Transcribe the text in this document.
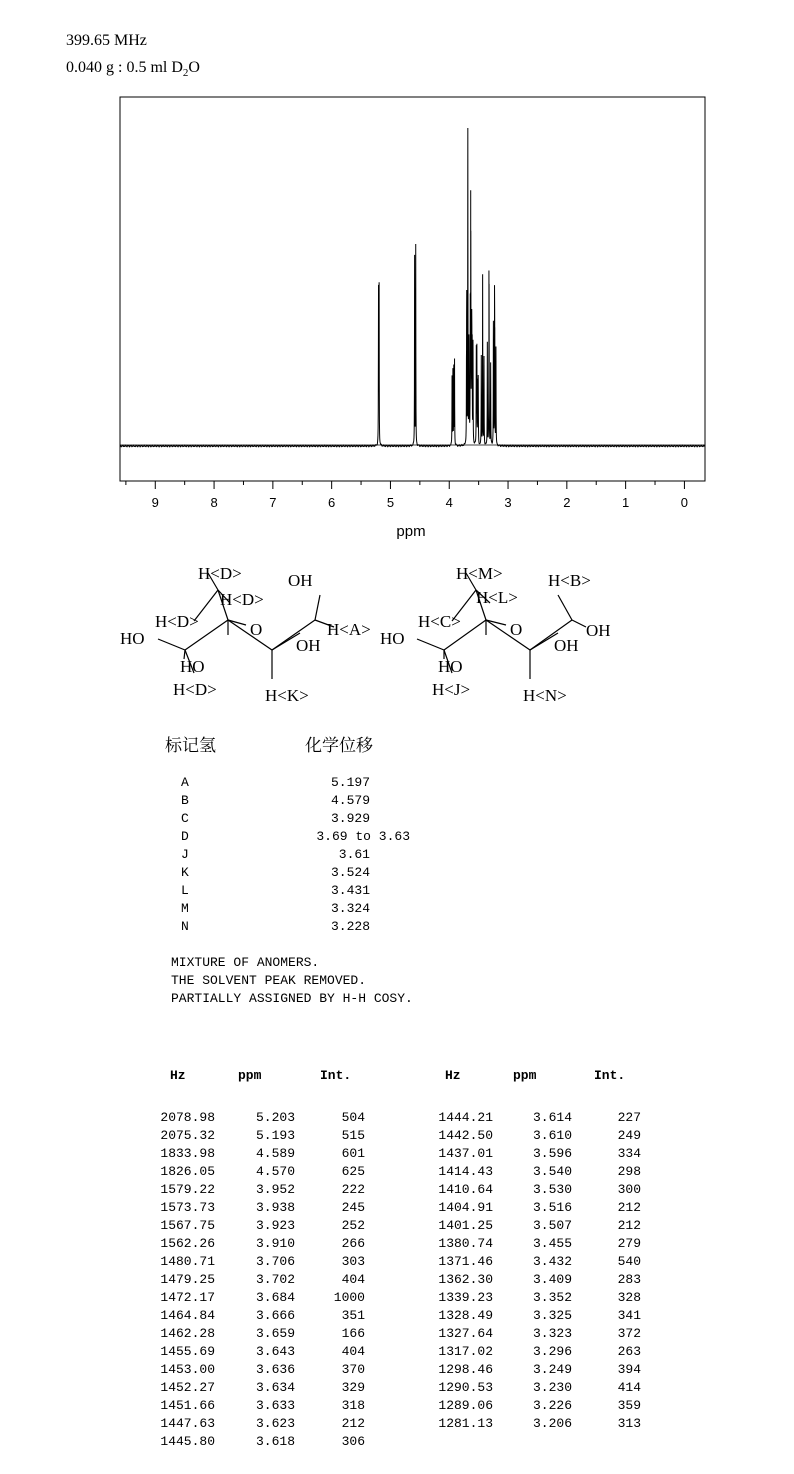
399.65 MHz
0.040 g : 0.5 ml $D_2O$
9	8	7	6	5	4	3	2	1	0
ppm
H<D>
H<D>
H<D>
OH
H<A>
HO	O
OH
HO
H<D>	H<K>
H<M>
H<L>
H<B>
H<C>	O	OH
HO	OH
HO
H<J>	H<N>
标记氢	化学位移
A	5.197
B	4.579
C	3.929
D	3.69 to 3.63
J	3.61
K	3.524
L	3.431
M	3.324
N	3.228
MIXTURE OF ANOMERS.
THE SOLVENT PEAK REMOVED.
PARTIALLY ASSIGNED BY H-H COSY.
Hz	ppm	Int.	Hz	ppm	Int.
2078.98	5.203	504
2075.32	5.193	515
1833.98	4.589	601
1826.05	4.570	625
1579.22	3.952	222
1573.73	3.938	245
1567.75	3.923	252
1562.26	3.910	266
1480.71	3.706	303
1479.25	3.702	404
1472.17	3.684	1000
1464.84	3.666	351
1462.28	3.659	166
1455.69	3.643	404
1453.00	3.636	370
1452.27	3.634	329
1451.66	3.633	318
1447.63	3.623	212
1445.80	3.618	306
1444.21	3.614	227
1442.50	3.610	249
1437.01	3.596	334
1414.43	3.540	298
1410.64	3.530	300
1404.91	3.516	212
1401.25	3.507	212
1380.74	3.455	279
1371.46	3.432	540
1362.30	3.409	283
1339.23	3.352	328
1328.49	3.325	341
1327.64	3.323	372
1317.02	3.296	263
1298.46	3.249	394
1290.53	3.230	414
1289.06	3.226	359
1281.13	3.206	313
